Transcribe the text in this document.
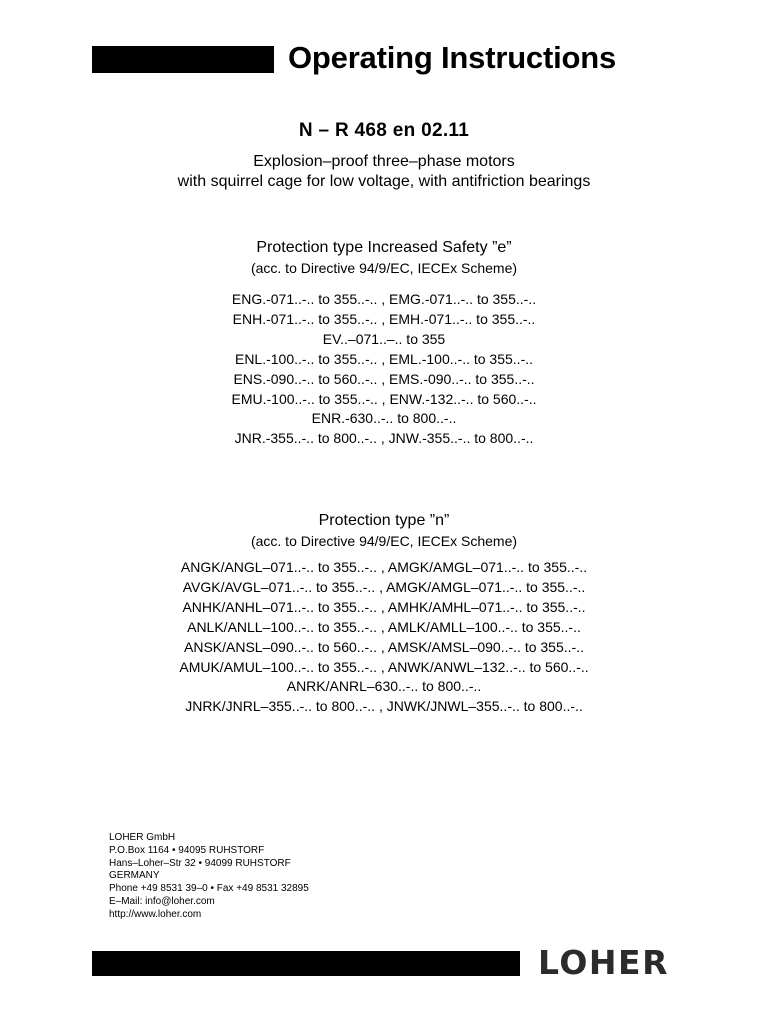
Operating Instructions
N – R 468 en 02.11
Explosion–proof three–phase motors
with squirrel cage for low voltage, with antifriction bearings
Protection type Increased Safety ”e”
(acc. to Directive 94/9/EC, IECEx Scheme)
ENG.-071..-.. to 355..-.. , EMG.-071..-.. to 355..-..
ENH.-071..-.. to 355..-.. , EMH.-071..-.. to 355..-..
EV..–071..–.. to 355
ENL.-100..-.. to 355..-.. , EML.-100..-.. to 355..-..
ENS.-090..-.. to 560..-.. , EMS.-090..-.. to 355..-..
EMU.-100..-.. to 355..-.. , ENW.-132..-.. to 560..-..
ENR.-630..-.. to 800..-..
JNR.-355..-.. to 800..-.. , JNW.-355..-.. to 800..-..
Protection type ”n”
(acc. to Directive 94/9/EC, IECEx Scheme)
ANGK/ANGL–071..-.. to 355..-.. , AMGK/AMGL–071..-.. to 355..-..
AVGK/AVGL–071..-.. to 355..-.. , AMGK/AMGL–071..-.. to 355..-..
ANHK/ANHL–071..-.. to 355..-.. , AMHK/AMHL–071..-.. to 355..-..
ANLK/ANLL–100..-.. to 355..-.. , AMLK/AMLL–100..-.. to 355..-..
ANSK/ANSL–090..-.. to 560..-.. , AMSK/AMSL–090..-.. to 355..-..
AMUK/AMUL–100..-.. to 355..-.. , ANWK/ANWL–132..-.. to 560..-..
ANRK/ANRL–630..-.. to 800..-..
JNRK/JNRL–355..-.. to 800..-.. , JNWK/JNWL–355..-.. to 800..-..
LOHER GmbH
P.O.Box 1164 • 94095 RUHSTORF
Hans–Loher–Str 32 • 94099 RUHSTORF
GERMANY
Phone +49 8531 39–0 • Fax +49 8531 32895
E–Mail: info@loher.com
http://www.loher.com
LOHER
